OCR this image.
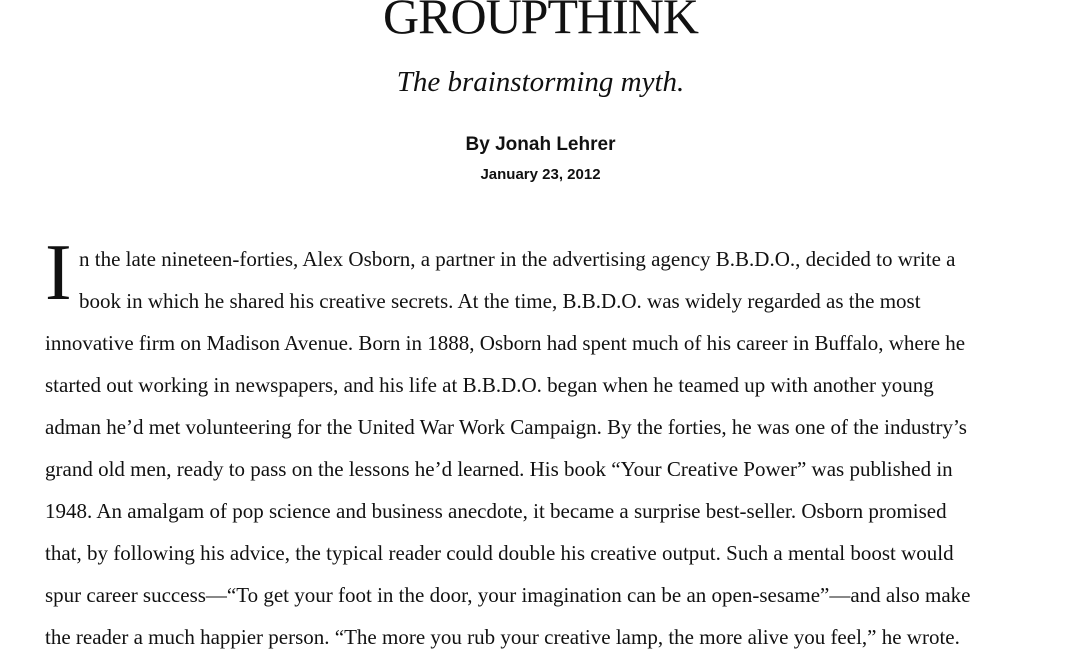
GROUPTHINK

The brainstorming myth.

By Jonah Lehrer

January 23, 2012

I n the late nineteen-forties, Alex Osborn, a partner in the advertising agency B.B.D.O., decided to write a
book in which he shared his creative secrets. At the time, B.B.D.O. was widely regarded as the most
innovative firm on Madison Avenue. Born in 1888, Osborn had spent much of his career in Buffalo, where he
started out working in newspapers, and his life at B.B.D.O. began when he teamed up with another young
adman he’d met volunteering for the United War Work Campaign. By the forties, he was one of the industry’s
grand old men, ready to pass on the lessons he’d learned. His book “Your Creative Power” was published in
1948. An amalgam of pop science and business anecdote, it became a surprise best-seller. Osborn promised
that, by following his advice, the typical reader could double his creative output. Such a mental boost would
spur career success—“To get your foot in the door, your imagination can be an open-sesame”—and also make
the reader a much happier person. “The more you rub your creative lamp, the more alive you feel,” he wrote.
